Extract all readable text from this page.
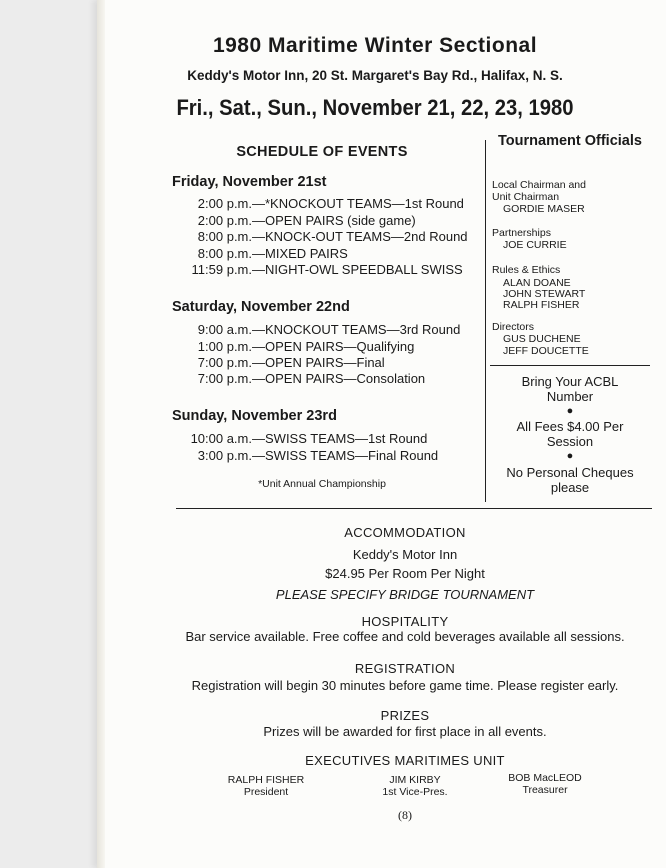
1980 Maritime Winter Sectional
Keddy's Motor Inn, 20 St. Margaret's Bay Rd., Halifax, N. S.
Fri., Sat., Sun., November 21, 22, 23, 1980
SCHEDULE OF EVENTS
Friday, November 21st
2:00 p.m.—*KNOCKOUT TEAMS—1st Round
2:00 p.m.—OPEN PAIRS (side game)
8:00 p.m.—KNOCK-OUT TEAMS—2nd Round
8:00 p.m.—MIXED PAIRS
11:59 p.m.—NIGHT-OWL SPEEDBALL SWISS
Saturday, November 22nd
9:00 a.m.—KNOCKOUT TEAMS—3rd Round
1:00 p.m.—OPEN PAIRS—Qualifying
7:00 p.m.—OPEN PAIRS—Final
7:00 p.m.—OPEN PAIRS—Consolation
Sunday, November 23rd
10:00 a.m.—SWISS TEAMS—1st Round
3:00 p.m.—SWISS TEAMS—Final Round
*Unit Annual Championship
Tournament Officials
Local Chairman and Unit Chairman
GORDIE MASER
Partnerships
JOE CURRIE
Rules & Ethics
ALAN DOANE
JOHN STEWART
RALPH FISHER
Directors
GUS DUCHENE
JEFF DOUCETTE
Bring Your ACBL Number
●
All Fees $4.00 Per Session
●
No Personal Cheques please
ACCOMMODATION
Keddy's Motor Inn
$24.95 Per Room Per Night
PLEASE SPECIFY BRIDGE TOURNAMENT
HOSPITALITY
Bar service available. Free coffee and cold beverages available all sessions.
REGISTRATION
Registration will begin 30 minutes before game time. Please register early.
PRIZES
Prizes will be awarded for first place in all events.
EXECUTIVES MARITIMES UNIT
RALPH FISHER
President
JIM KIRBY
1st Vice-Pres.
BOB MacLEOD
Treasurer
(8)
